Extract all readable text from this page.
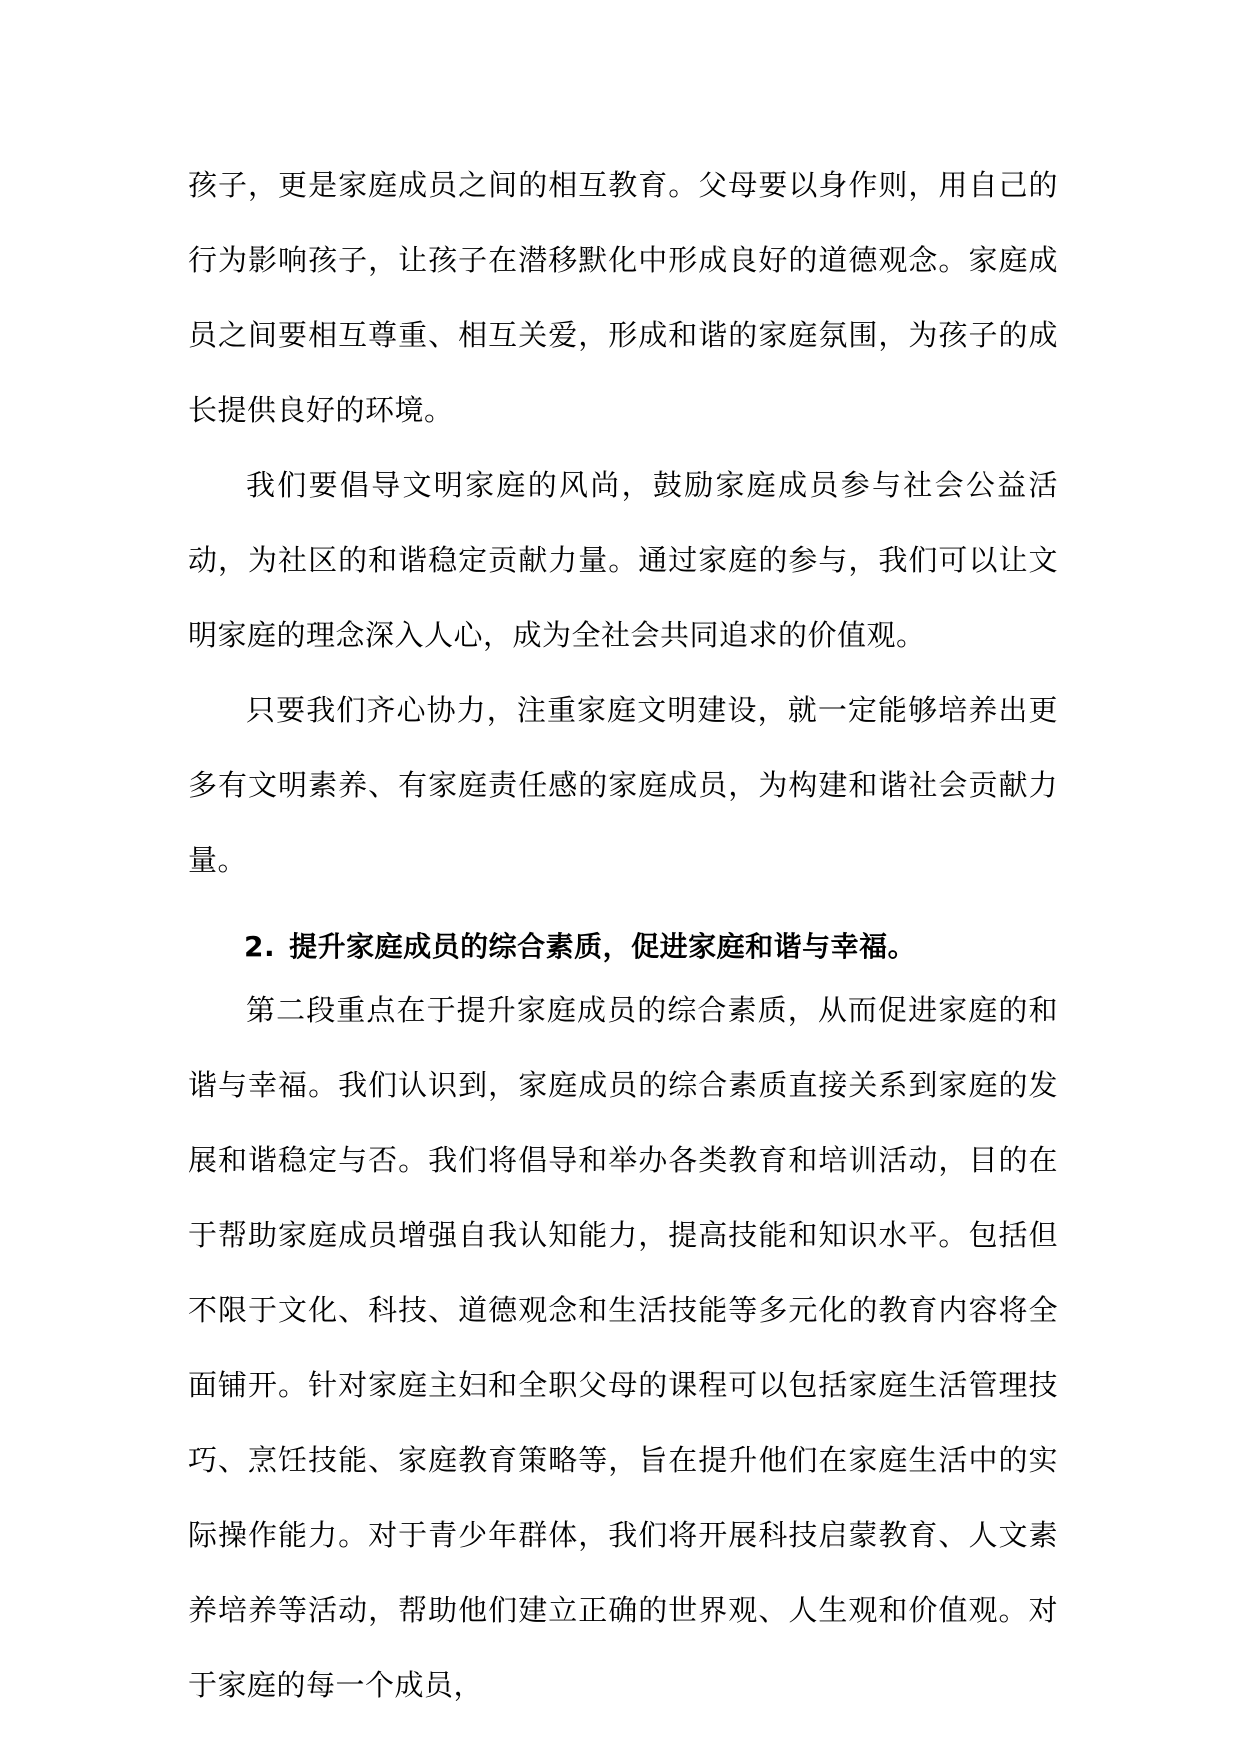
孩子，更是家庭成员之间的相互教育。父母要以身作则，用自己的行为影响孩子，让孩子在潜移默化中形成良好的道德观念。家庭成员之间要相互尊重、相互关爱，形成和谐的家庭氛围，为孩子的成长提供良好的环境。

我们要倡导文明家庭的风尚，鼓励家庭成员参与社会公益活动，为社区的和谐稳定贡献力量。通过家庭的参与，我们可以让文明家庭的理念深入人心，成为全社会共同追求的价值观。

只要我们齐心协力，注重家庭文明建设，就一定能够培养出更多有文明素养、有家庭责任感的家庭成员，为构建和谐社会贡献力量。

2. 提升家庭成员的综合素质，促进家庭和谐与幸福。

第二段重点在于提升家庭成员的综合素质，从而促进家庭的和谐与幸福。我们认识到，家庭成员的综合素质直接关系到家庭的发展和谐稳定与否。我们将倡导和举办各类教育和培训活动，目的在于帮助家庭成员增强自我认知能力，提高技能和知识水平。包括但不限于文化、科技、道德观念和生活技能等多元化的教育内容将全面铺开。针对家庭主妇和全职父母的课程可以包括家庭生活管理技巧、烹饪技能、家庭教育策略等，旨在提升他们在家庭生活中的实际操作能力。对于青少年群体，我们将开展科技启蒙教育、人文素养培养等活动，帮助他们建立正确的世界观、人生观和价值观。对于家庭的每一个成员，
